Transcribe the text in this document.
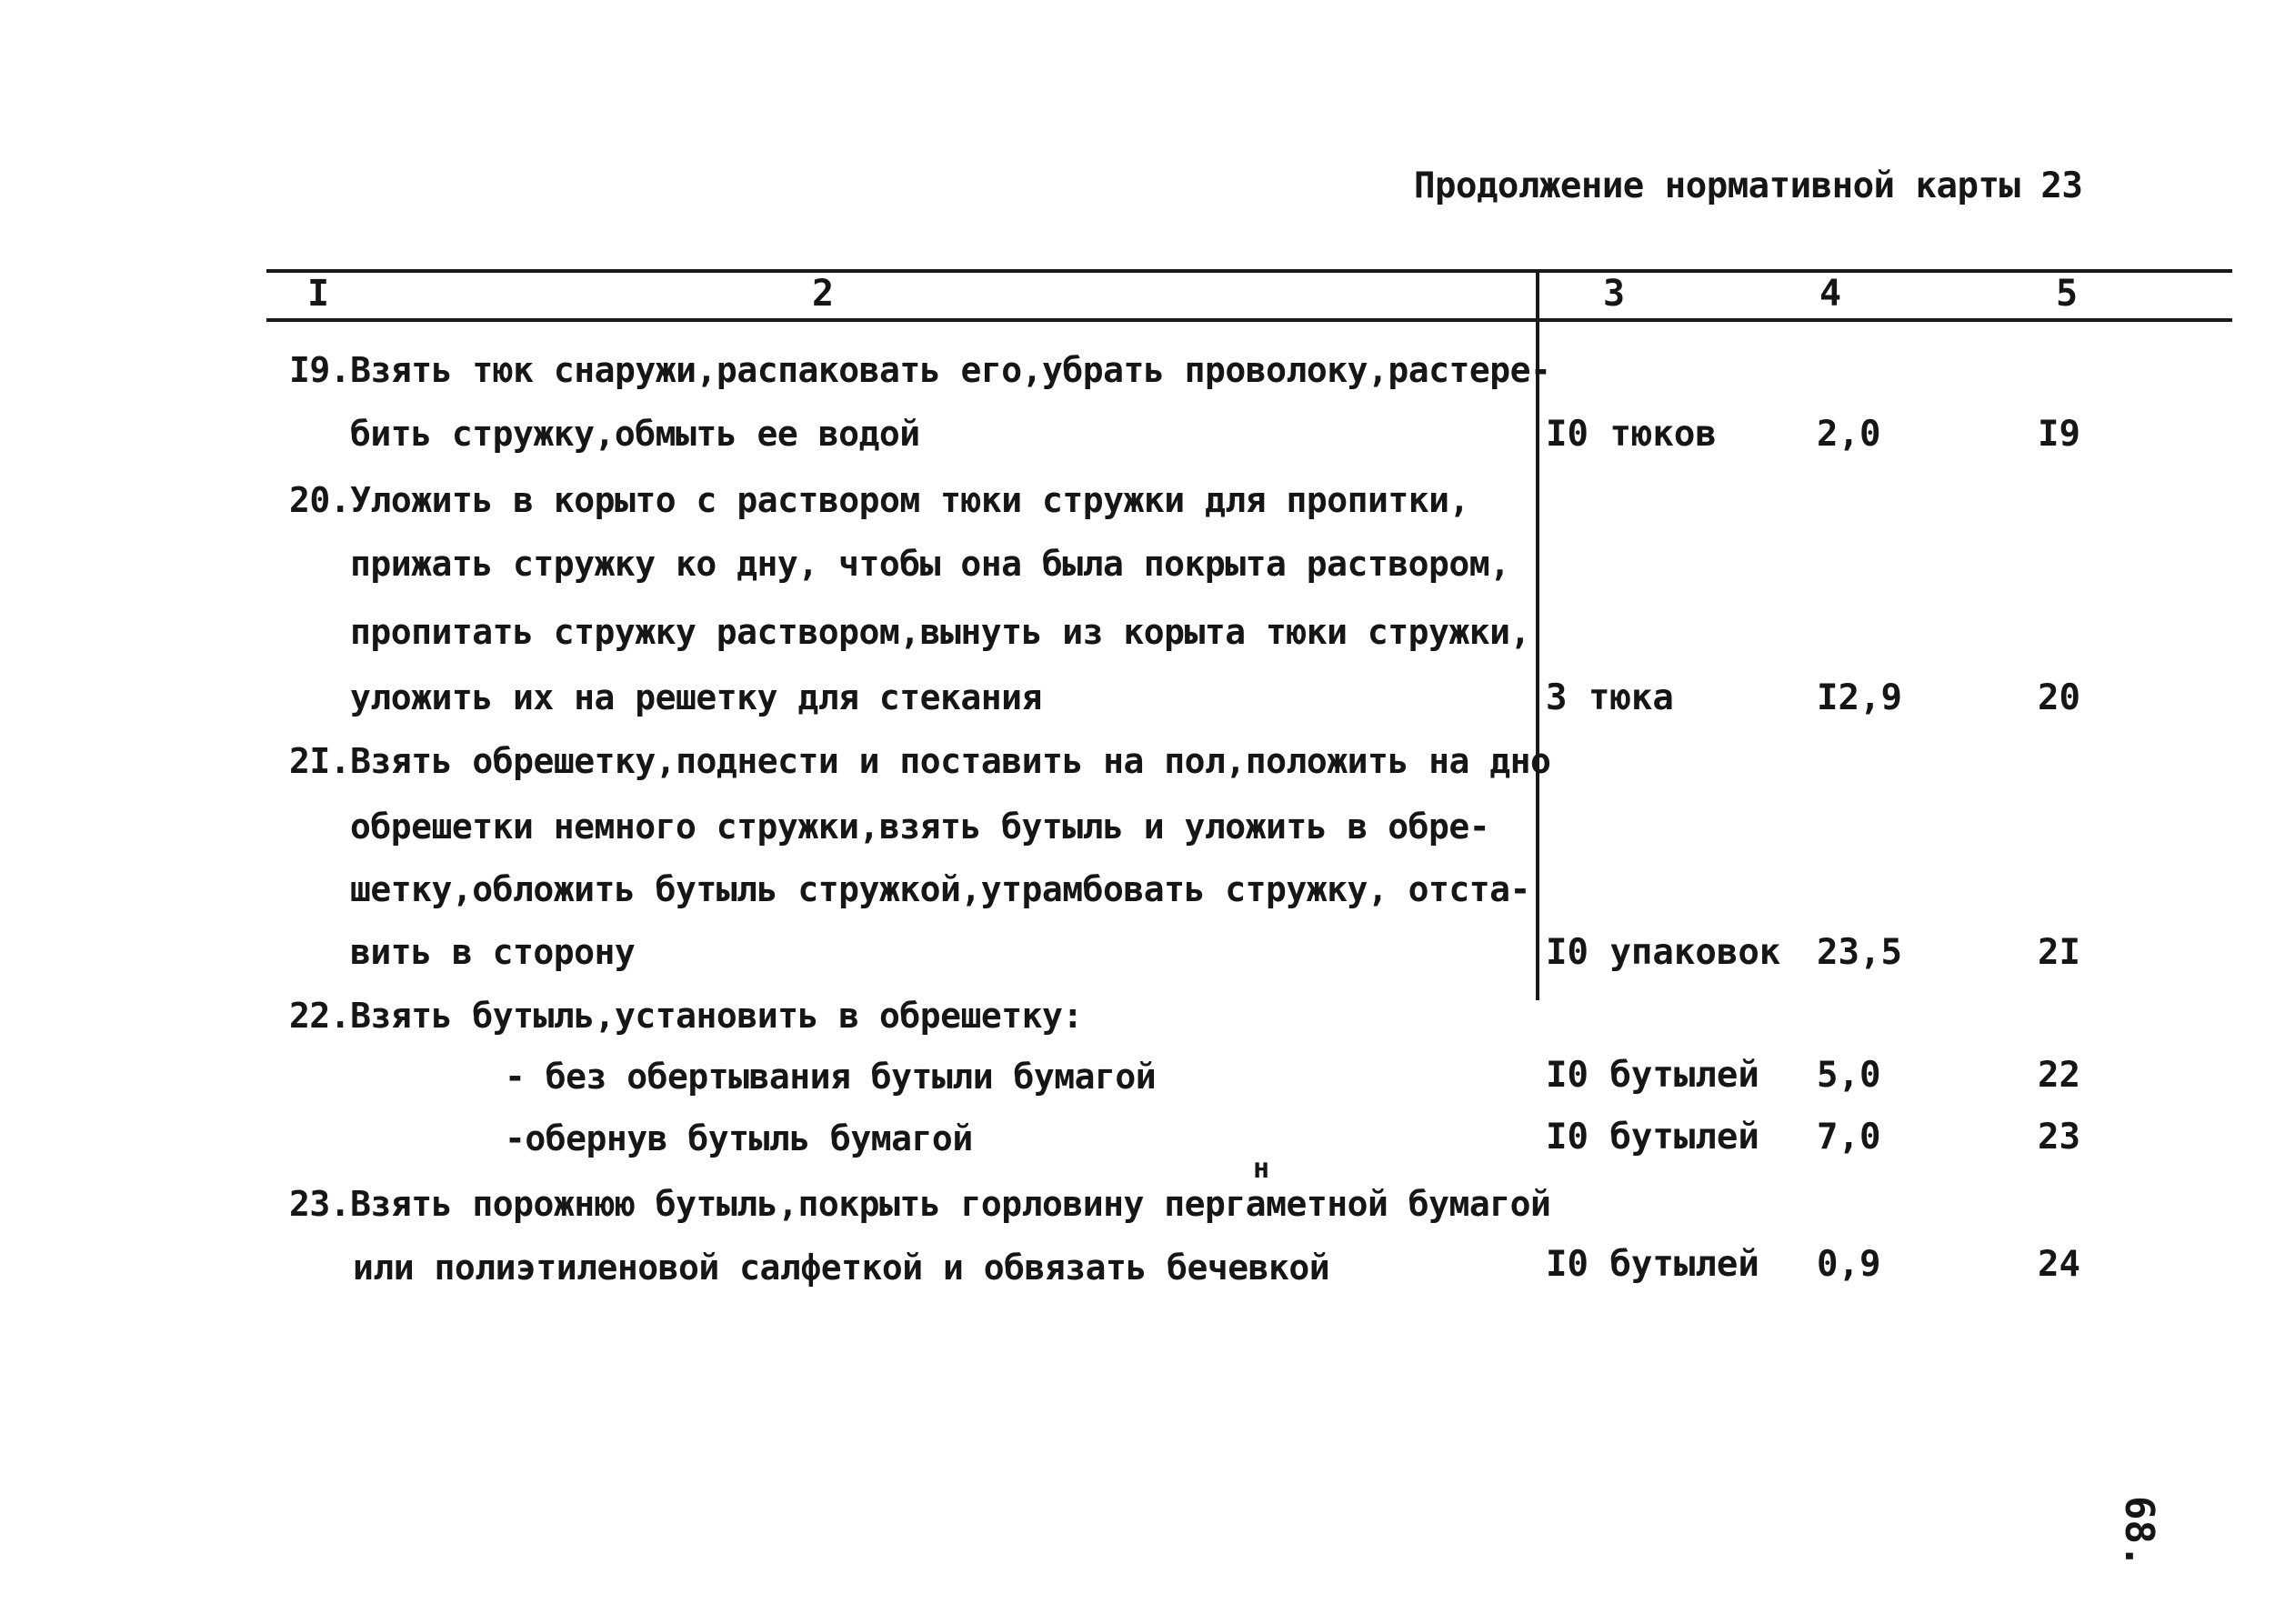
Продолжение нормативной карты 23
I	2	3	4	5
I9.Взять тюк снаружи,распаковать его,убрать проволоку,растере-
бить стружку,обмыть ее водой	I0 тюков	2,0	I9
20.Уложить в корыто с раствором тюки стружки для пропитки,
прижать стружку ко дну, чтобы она была покрыта раствором,
пропитать стружку раствором,вынуть из корыта тюки стружки,
уложить их на решетку для стекания	3 тюка	I2,9	20
2I.Взять обрешетку,поднести и поставить на пол,положить на дно
обрешетки немного стружки,взять бутыль и уложить в обре-
шетку,обложить бутыль стружкой,утрамбовать стружку, отста-
вить в сторону	I0 упаковок 23,5	2I
22.Взять бутыль,установить в обрешетку:
- без обертывания бутыли бумагой	I0 бутылей 5,0	22
-обернув бутыль бумагой	I0 бутылей 7,0	23
н
23.Взять порожнюю бутыль,покрыть горловину пергаметной бумагой
или полиэтиленовой салфеткой и обвязать бечевкой	I0 бутылей 0,9	24
68.
